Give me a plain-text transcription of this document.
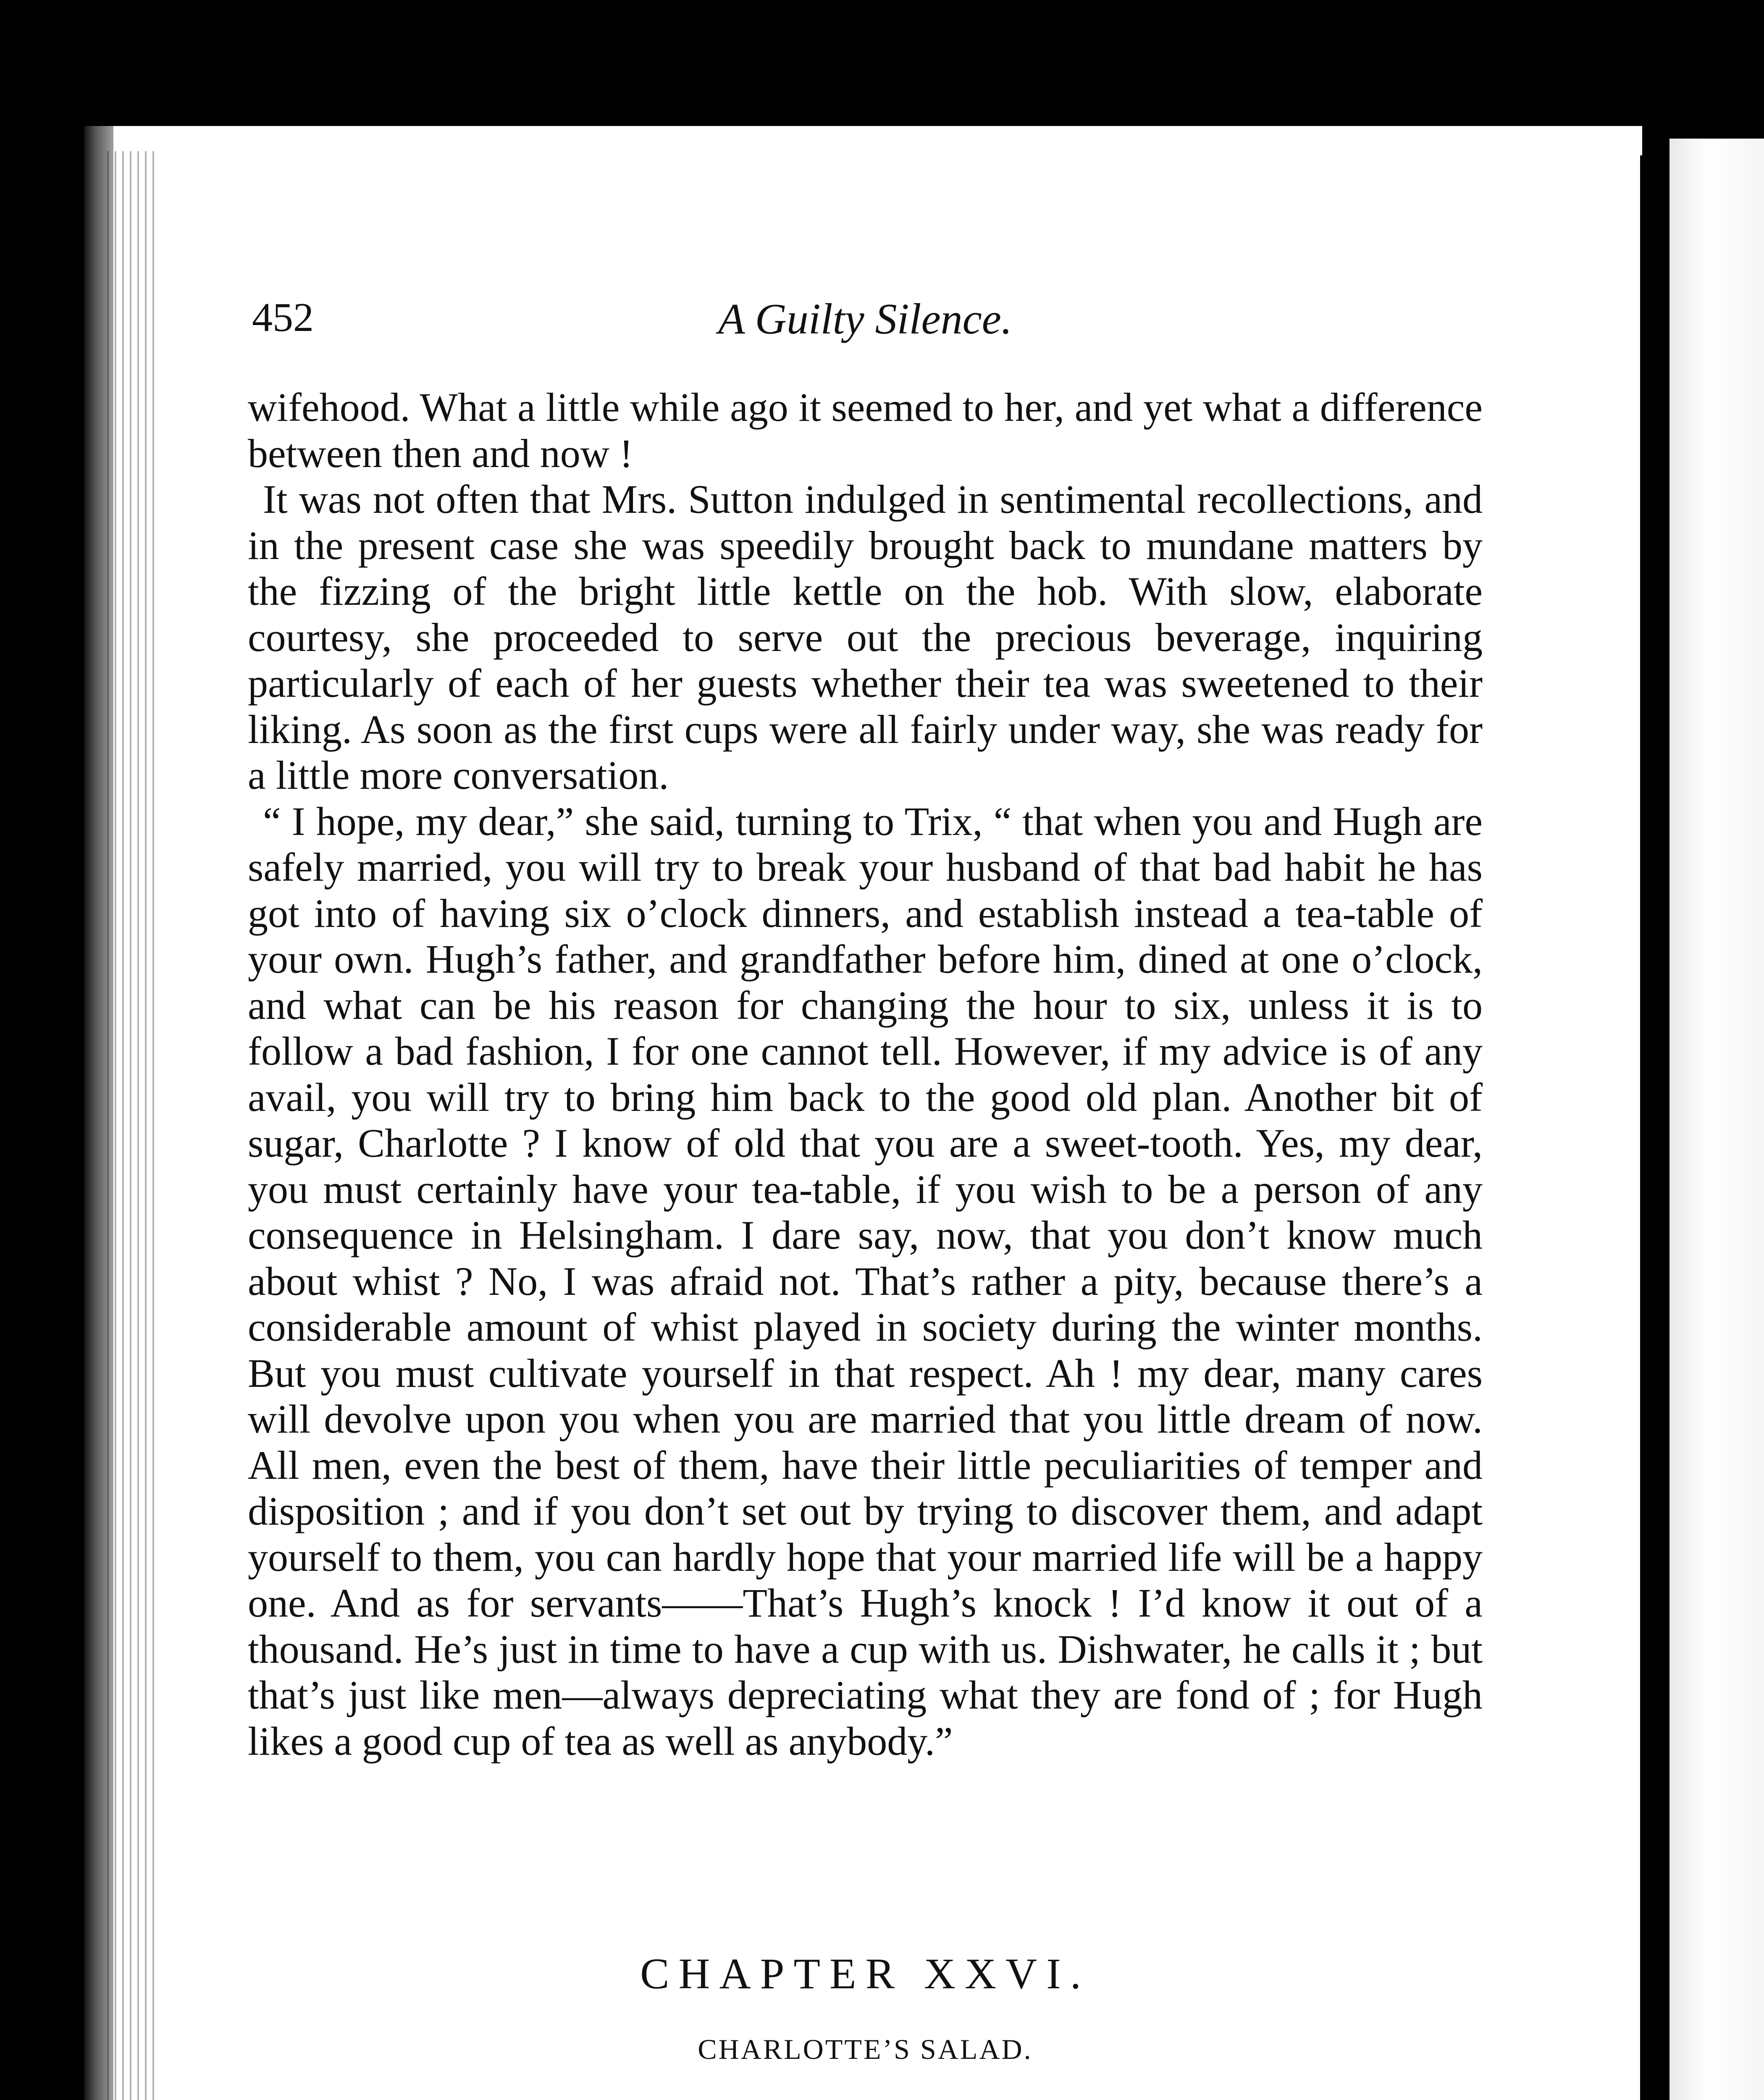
452	A Guilty Silence.

wifehood. What a little while ago it seemed to her, and yet what a difference between then and now !

It was not often that Mrs. Sutton indulged in sentimental recollections, and in the present case she was speedily brought back to mundane matters by the fizzing of the bright little kettle on the hob. With slow, elaborate courtesy, she proceeded to serve out the precious beverage, inquiring particularly of each of her guests whether their tea was sweetened to their liking. As soon as the first cups were all fairly under way, she was ready for a little more conversation.

“ I hope, my dear,” she said, turning to Trix, “ that when you and Hugh are safely married, you will try to break your husband of that bad habit he has got into of having six o’clock dinners, and establish instead a tea-table of your own. Hugh’s father, and grandfather before him, dined at one o’clock, and what can be his reason for changing the hour to six, unless it is to follow a bad fashion, I for one cannot tell. However, if my advice is of any avail, you will try to bring him back to the good old plan. Another bit of sugar, Charlotte ? I know of old that you are a sweet-tooth. Yes, my dear, you must certainly have your tea-table, if you wish to be a person of any consequence in Helsingham. I dare say, now, that you don’t know much about whist ? No, I was afraid not. That’s rather a pity, because there’s a considerable amount of whist played in society during the winter months. But you must cultivate yourself in that respect. Ah ! my dear, many cares will devolve upon you when you are married that you little dream of now. All men, even the best of them, have their little peculiarities of temper and disposition ; and if you don’t set out by trying to discover them, and adapt yourself to them, you can hardly hope that your married life will be a happy one. And as for servants——That’s Hugh’s knock ! I’d know it out of a thousand. He’s just in time to have a cup with us. Dishwater, he calls it ; but that’s just like men—always depreciating what they are fond of ; for Hugh likes a good cup of tea as well as anybody.”

CHAPTER XXVI.
CHARLOTTE’S SALAD.
